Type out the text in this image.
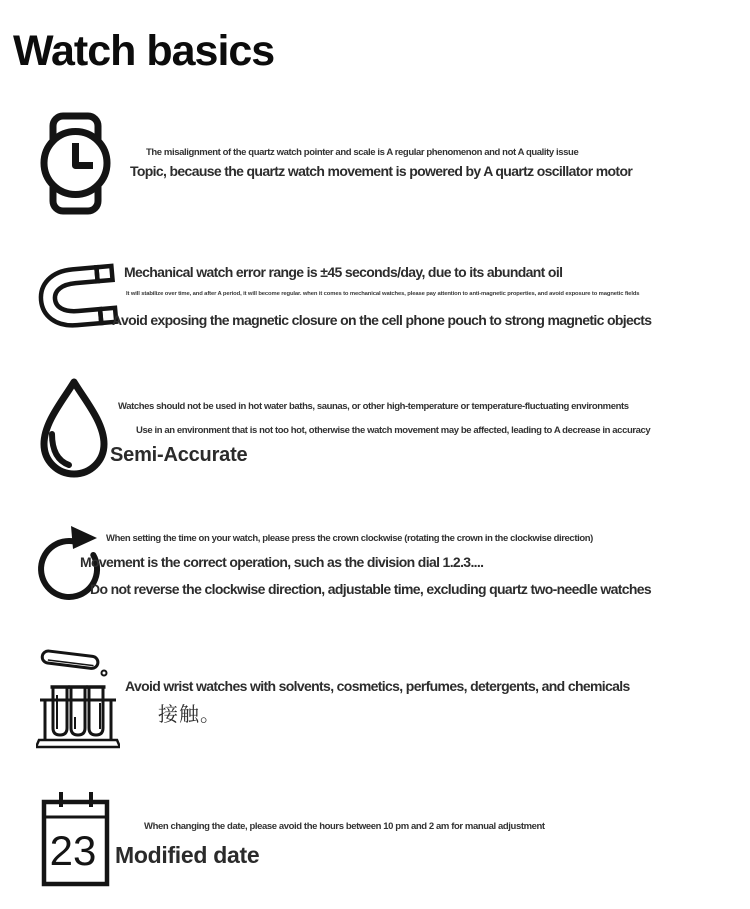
Watch basics
The misalignment of the quartz watch pointer and scale is A regular phenomenon and not A quality issue
Topic, because the quartz watch movement is powered by A quartz oscillator motor
Mechanical watch error range is ±45 seconds/day, due to its abundant oil
It will stabilize over time, and after A period, it will become regular. when it comes to mechanical watches, please pay attention to anti-magnetic properties, and avoid exposure to magnetic fields
Avoid exposing the magnetic closure on the cell phone pouch to strong magnetic objects
Watches should not be used in hot water baths, saunas, or other high-temperature or temperature-fluctuating environments
Use in an environment that is not too hot, otherwise the watch movement may be affected, leading to A decrease in accuracy
Semi-Accurate
When setting the time on your watch, please press the crown clockwise (rotating the crown in the clockwise direction)
Movement is the correct operation, such as the division dial 1.2.3....
Do not reverse the clockwise direction, adjustable time, excluding quartz two-needle watches
Avoid wrist watches with solvents, cosmetics, perfumes, detergents, and chemicals
接触。
23
When changing the date, please avoid the hours between 10 pm and 2 am for manual adjustment
Modified date
